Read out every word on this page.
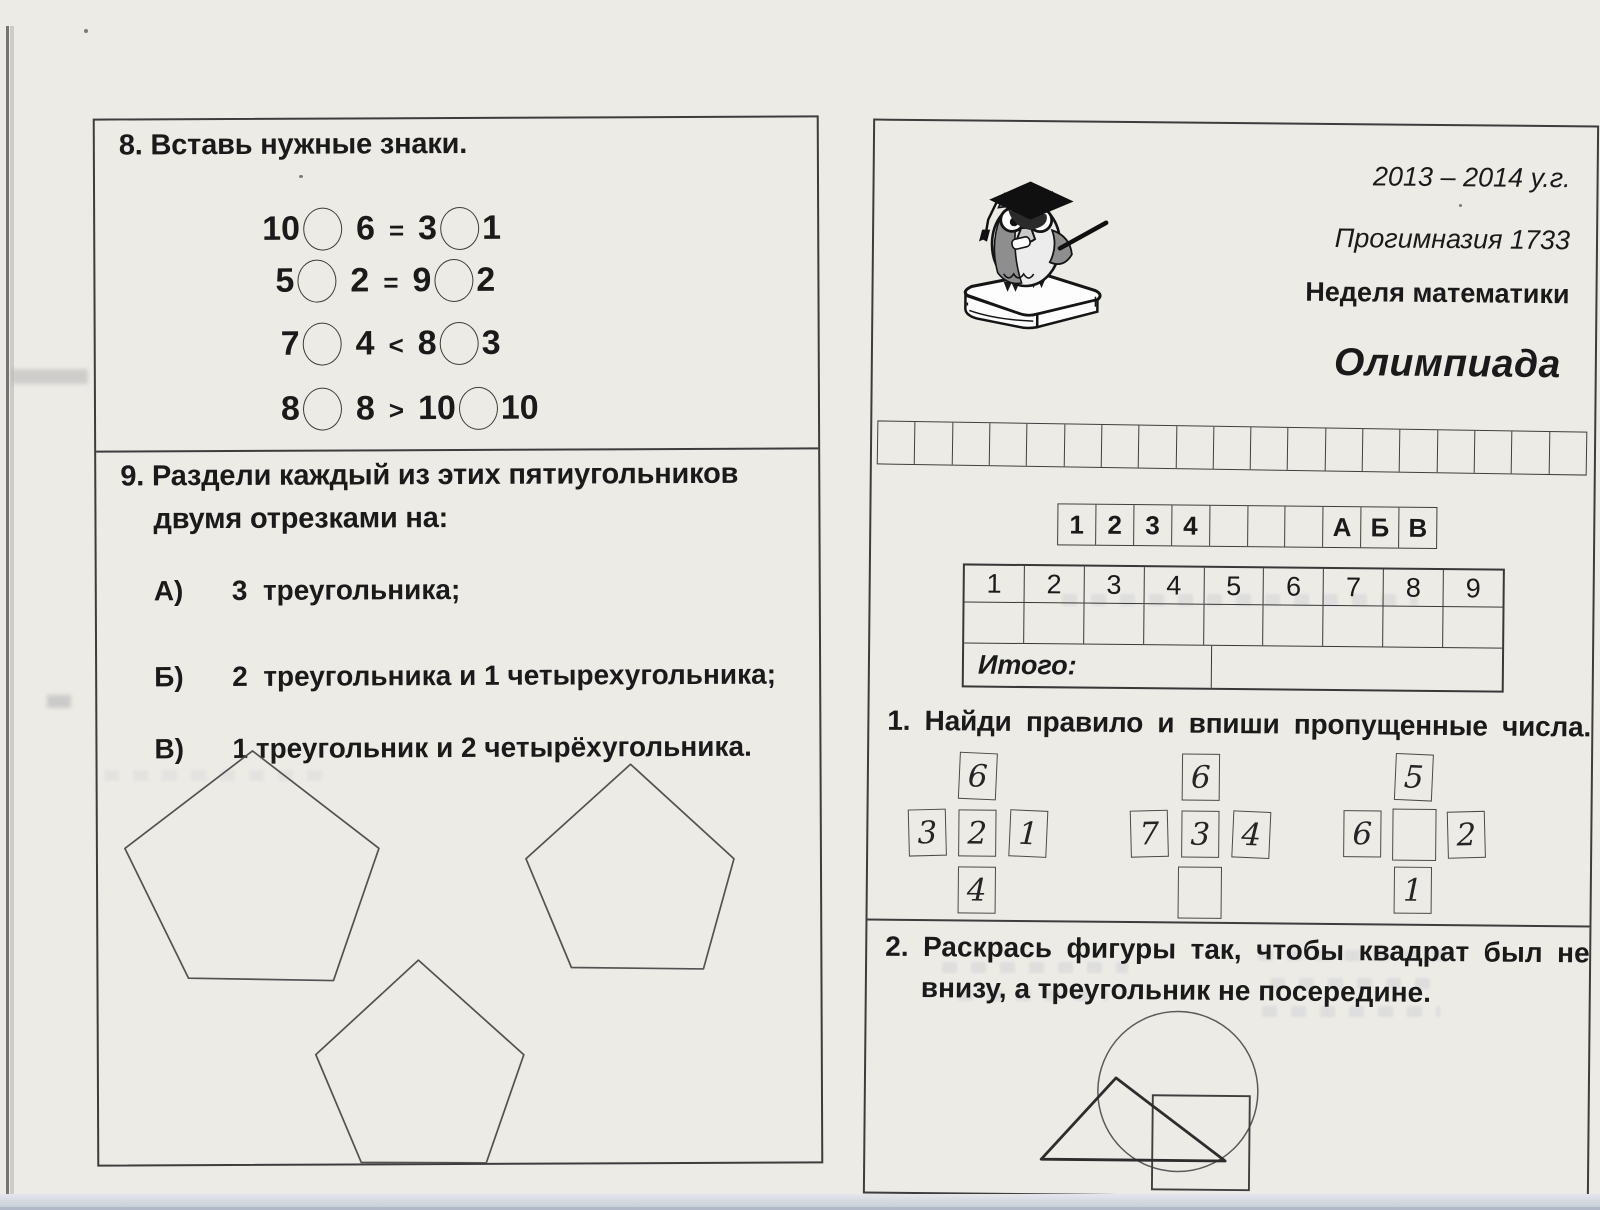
8. Вставь нужные знаки.
10 6 = 3 1
5 2 = 9 2
7 4 < 8 3
8 8 > 10 10
9. Раздели каждый из этих пятиугольников
двумя отрезками на:
А)	3  треугольника;
Б)	2  треугольника и 1 четырехугольника;
В)	1 треугольник и 2 четырёхугольника.
2013 – 2014 у.г.
Прогимназия 1733
Неделя математики
Олимпиада
1 2 3 4	А Б В
1	2	3	4	5	6	7	8	9
Итого:
1. Найди правило и впиши пропущенные числа.
6
3 2 1
4
6
7 3 4
5
6	2
1
2. Раскрась фигуры так, чтобы квадрат был не
внизу, а треугольник не посередине.
